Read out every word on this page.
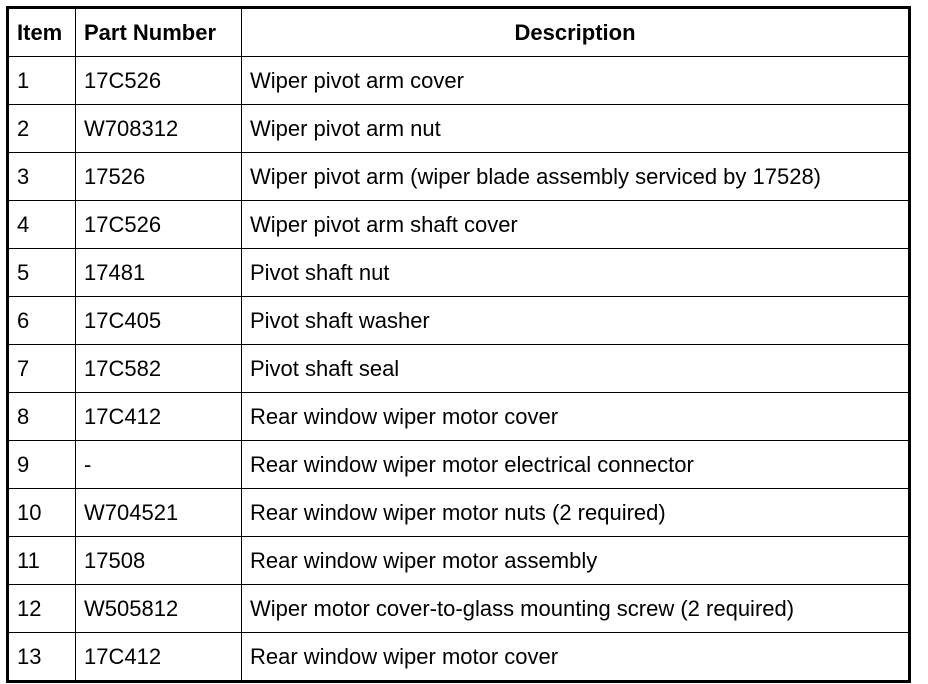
Item	Part Number	Description
1	17C526	Wiper pivot arm cover
2	W708312	Wiper pivot arm nut
3	17526	Wiper pivot arm (wiper blade assembly serviced by 17528)
4	17C526	Wiper pivot arm shaft cover
5	17481	Pivot shaft nut
6	17C405	Pivot shaft washer
7	17C582	Pivot shaft seal
8	17C412	Rear window wiper motor cover
9	-	Rear window wiper motor electrical connector
10	W704521	Rear window wiper motor nuts (2 required)
11	17508	Rear window wiper motor assembly
12	W505812	Wiper motor cover-to-glass mounting screw (2 required)
13	17C412	Rear window wiper motor cover
